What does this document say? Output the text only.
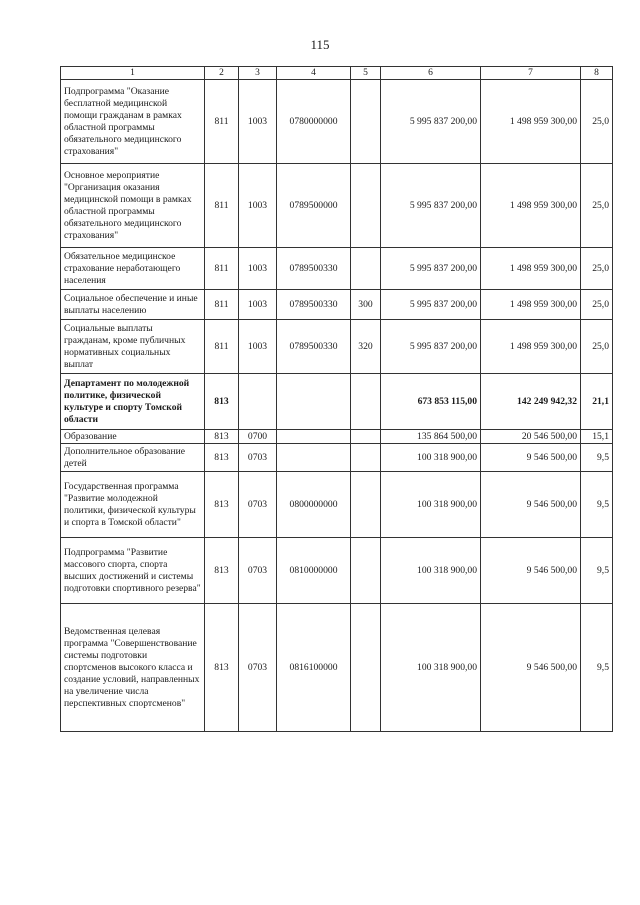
115
1	2	3	4	5	6	7	8
Подпрограмма "Оказание бесплатной медицинской помощи гражданам в рамках областной программы обязательного медицинского страхования"	811	1003	0780000000		5 995 837 200,00	1 498 959 300,00	25,0
Основное мероприятие "Организация оказания медицинской помощи в рамках областной программы обязательного медицинского страхования"	811	1003	0789500000		5 995 837 200,00	1 498 959 300,00	25,0
Обязательное медицинское страхование неработающего населения	811	1003	0789500330		5 995 837 200,00	1 498 959 300,00	25,0
Социальное обеспечение и иные выплаты населению	811	1003	0789500330	300	5 995 837 200,00	1 498 959 300,00	25,0
Социальные выплаты гражданам, кроме публичных нормативных социальных выплат	811	1003	0789500330	320	5 995 837 200,00	1 498 959 300,00	25,0
Департамент по молодежной политике, физической культуре и спорту Томской области	813				673 853 115,00	142 249 942,32	21,1
Образование	813	0700			135 864 500,00	20 546 500,00	15,1
Дополнительное образование детей	813	0703			100 318 900,00	9 546 500,00	9,5
Государственная программа "Развитие молодежной политики, физической культуры и спорта в Томской области"	813	0703	0800000000		100 318 900,00	9 546 500,00	9,5
Подпрограмма "Развитие массового спорта, спорта высших достижений и системы подготовки спортивного резерва"	813	0703	0810000000		100 318 900,00	9 546 500,00	9,5
Ведомственная целевая программа "Совершенствование системы подготовки спортсменов высокого класса и создание условий, направленных на увеличение числа перспективных спортсменов"	813	0703	0816100000		100 318 900,00	9 546 500,00	9,5
